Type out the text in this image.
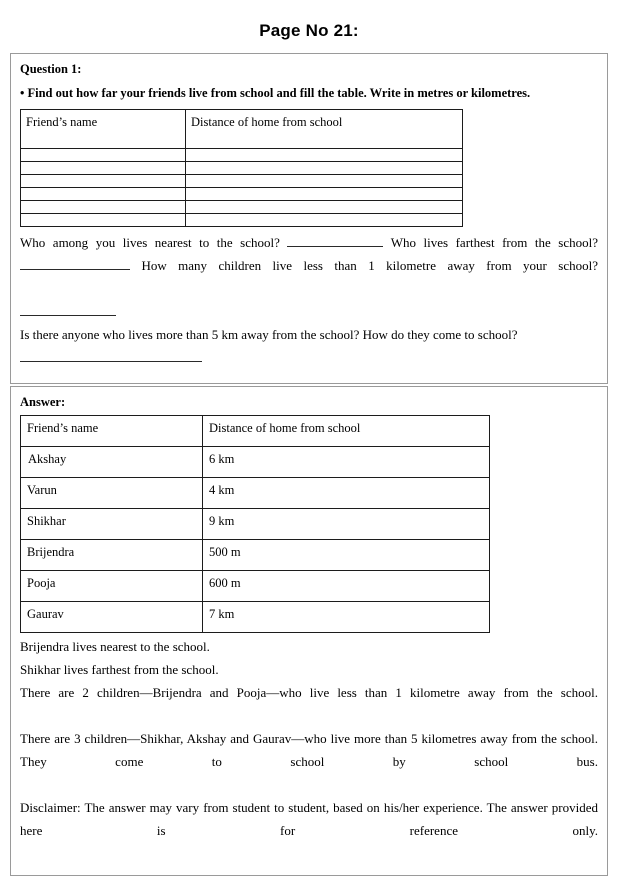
Page No 21:
Question 1:
• Find out how far your friends live from school and fill the table. Write in metres or kilometres.
Friend’s name	Distance of home from school

Who among you lives nearest to the school?	Who lives farthest from the school?  How many children live less than 1 kilometre away from your school?

Is there anyone who lives more than 5 km away from the school? How do they come to school?

Answer:
Friend’s name	Distance of home from school
Akshay	6 km
Varun	4 km
Shikhar	9 km
Brijendra	500 m
Pooja	600 m
Gaurav	7 km

Brijendra lives nearest to the school.

Shikhar lives farthest from the school.

There are 2 children—Brijendra and Pooja—who live less than 1 kilometre away from the school.

There are 3 children—Shikhar, Akshay and Gaurav—who live more than 5 kilometres away from the school. They come to school by school bus.

Disclaimer: The answer may vary from student to student, based on his/her experience. The answer provided here is for reference only.
